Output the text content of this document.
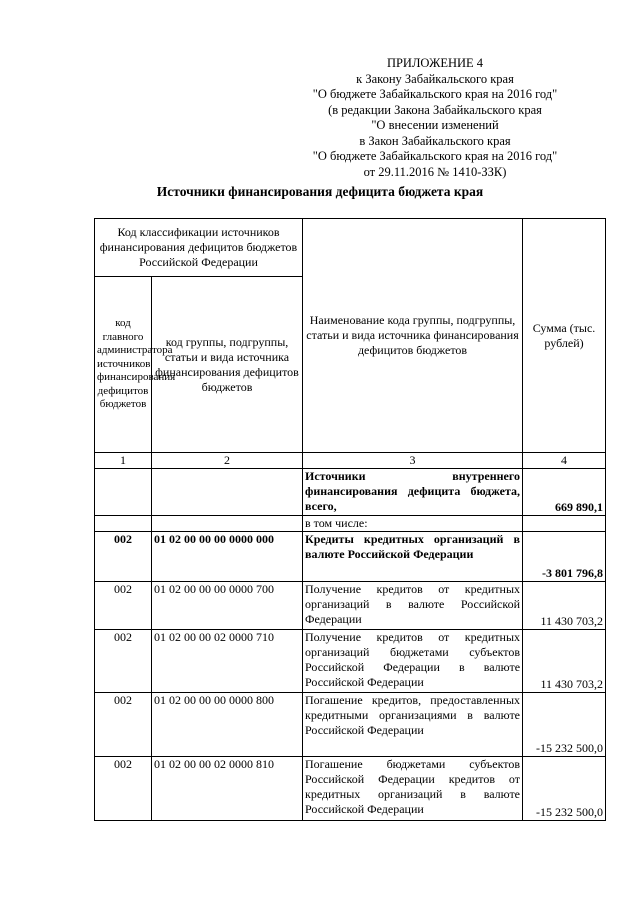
ПРИЛОЖЕНИЕ 4
к Закону Забайкальского края
"О бюджете Забайкальского края на 2016 год"
(в редакции Закона Забайкальского края
"О внесении изменений
в Закон Забайкальского края
"О бюджете Забайкальского края на 2016 год"
от 29.11.2016 № 1410-ЗЗК)
Источники финансирования дефицита бюджета края
Код классификации источников финансирования дефицитов бюджетов Российской Федерации		Наименование кода группы, подгруппы, статьи и вида источника финансирования дефицитов бюджетов	Сумма (тыс. рублей)
код главного администратора источников финансирования дефицитов бюджетов	код группы, подгруппы, статьи и вида источника финансирования дефицитов бюджетов		
1	2	3	4
		Источники внутреннего финансирования дефицита бюджета, всего,	669 890,1
		в том числе:	
002	01 02 00 00 00 0000 000	Кредиты кредитных организаций в валюте Российской Федерации	-3 801 796,8
002	01 02 00 00 00 0000 700	Получение кредитов от кредитных организаций в валюте Российской Федерации	11 430 703,2
002	01 02 00 00 02 0000 710	Получение кредитов от кредитных организаций бюджетами субъектов Российской Федерации в валюте Российской Федерации	11 430 703,2
002	01 02 00 00 00 0000 800	Погашение кредитов, предоставленных кредитными организациями в валюте Российской Федерации	-15 232 500,0
002	01 02 00 00 02 0000 810	Погашение бюджетами субъектов Российской Федерации кредитов от кредитных организаций в валюте Российской Федерации	-15 232 500,0
